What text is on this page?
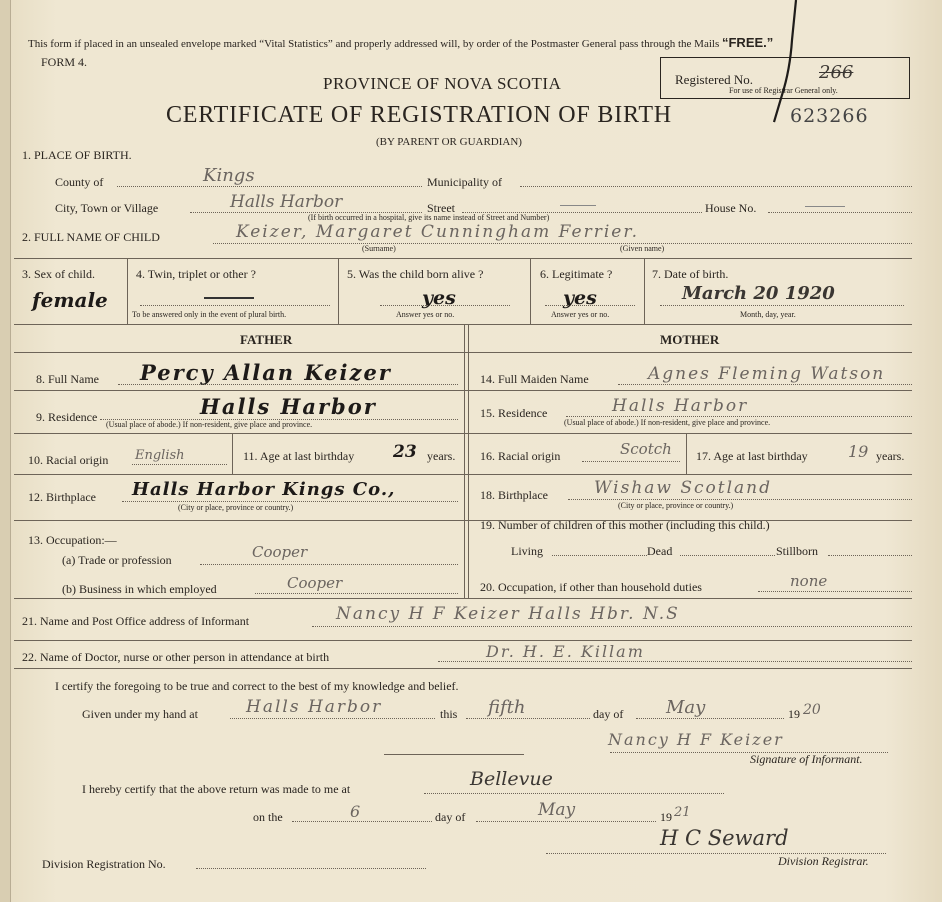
This form if placed in an unsealed envelope marked “Vital Statistics” and properly addressed will, by order of the Postmaster General pass through the Mails “FREE.”
FORM 4.
PROVINCE OF NOVA SCOTIA
CERTIFICATE OF REGISTRATION OF BIRTH
(BY PARENT OR GUARDIAN)
Registered No.	266
For use of Registrar General only.
623266
1. PLACE OF BIRTH.
County of	Kings	Municipality of
City, Town or Village	Halls Harbor	Street	House No.
(If birth occurred in a hospital, give its name instead of Street and Number)
2. FULL NAME OF CHILD	Keizer, Margaret Cunningham Ferrier.
(Surname)	(Given name)
3. Sex of child.
female
4. Twin, triplet or other ?
To be answered only in the event of plural birth.
5. Was the child born alive ?
yes
Answer yes or no.
6. Legitimate ?
yes
Answer yes or no.
7. Date of birth.
March 20 1920
Month, day, year.
FATHER	MOTHER
8. Full Name Percy Allan Keizer
9. Residence	Halls Harbor
(Usual place of abode.) If non-resident, give place and province.
10. Racial origin English	11. Age at last birthday 23 years.
12. Birthplace Halls Harbor Kings Co.,
(City or place, province or country.)
13. Occupation:—
(a) Trade or profession	Cooper
(b) Business in which employed	Cooper
14. Full Maiden Name	Agnes Fleming Watson
15. Residence	Halls Harbor
(Usual place of abode.) If non-resident, give place and province.
16. Racial origin	Scotch 17. Age at last birthday	19 years.
18. Birthplace	Wishaw Scotland
(City or place, province or country.)
19. Number of children of this mother (including this child.)
Living	Dead	Stillborn
20. Occupation, if other than household duties	none
21. Name and Post Office address of Informant	Nancy H F Keizer Halls Hbr. N.S
22. Name of Doctor, nurse or other person in attendance at birth	Dr. H. E. Killam
I certify the foregoing to be true and correct to the best of my knowledge and belief.
Given under my hand at	Halls Harbor	this fifth	day of May	19 20
Nancy H F Keizer
Signature of Informant.
I hereby certify that the above return was made to me at	Bellevue
on the	6	day of	May	19 21
Division Registration No.
H C Seward
Division Registrar.
